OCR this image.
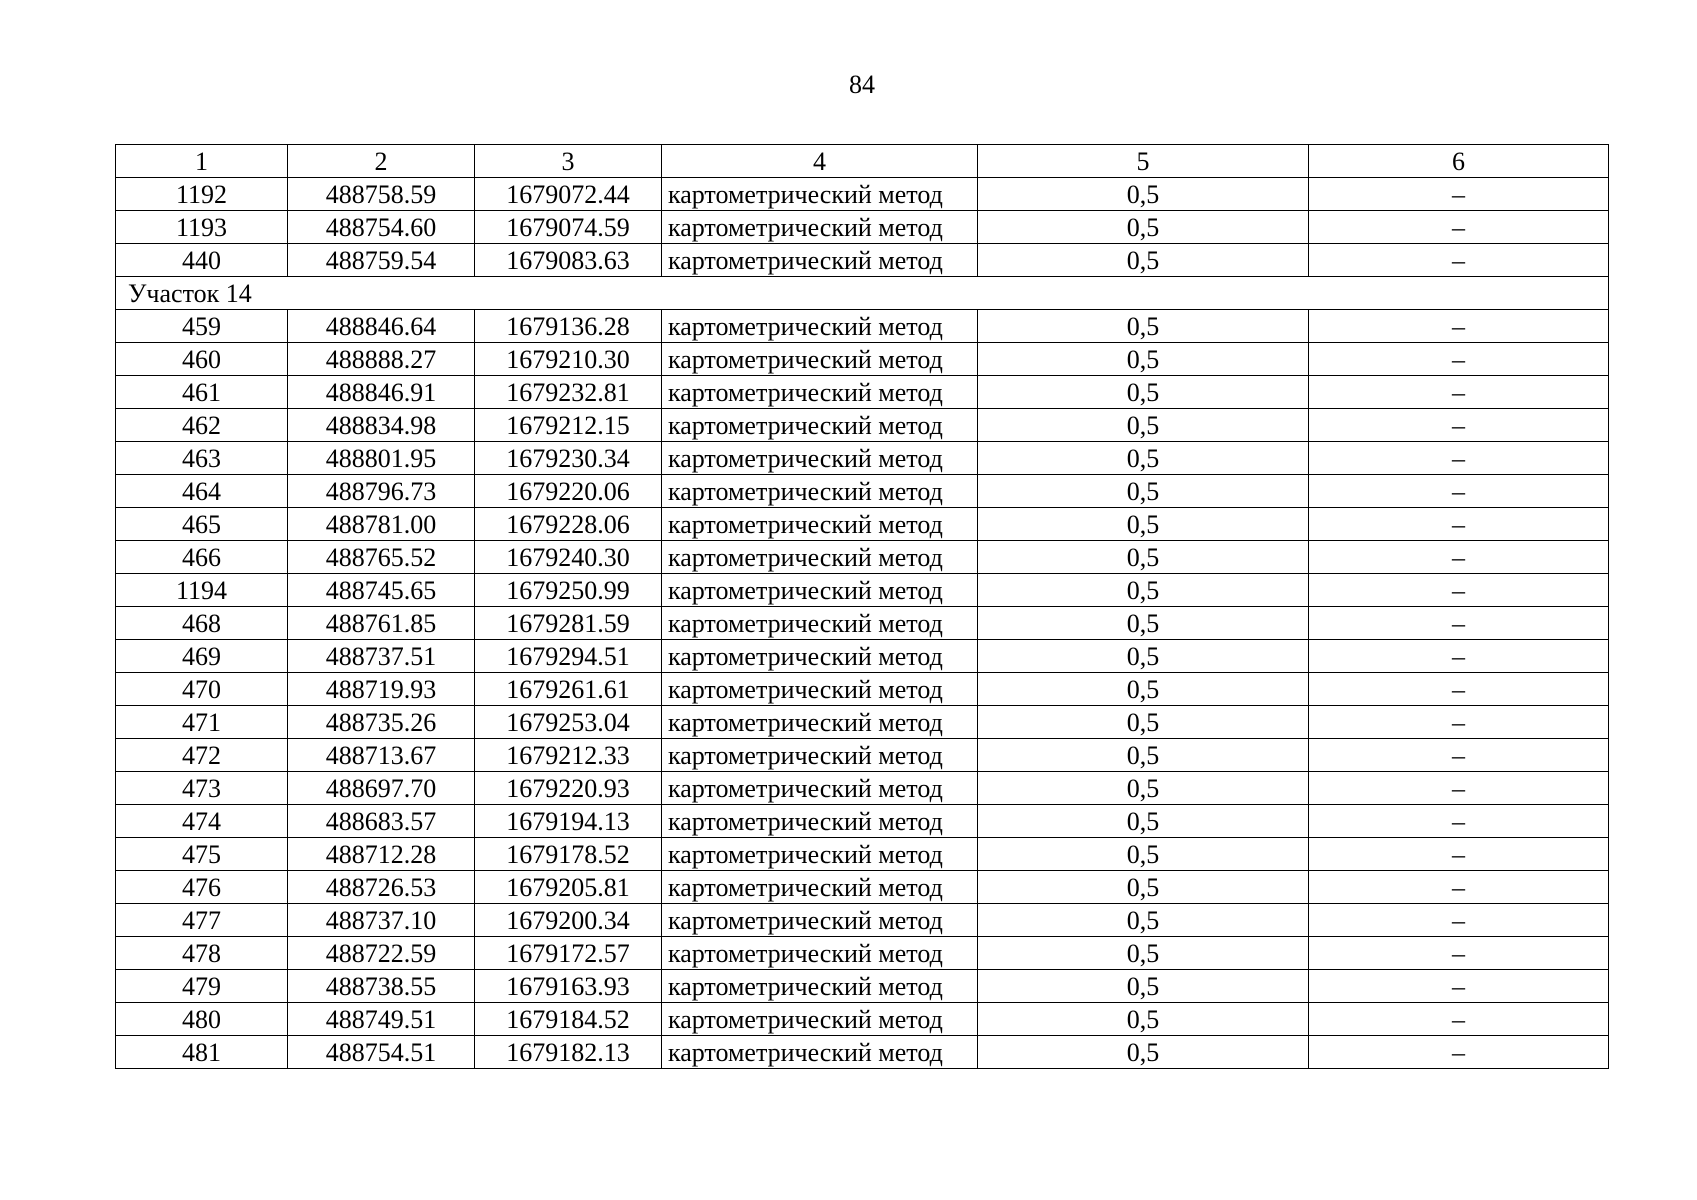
84
1	2	3	4	5	6
1192	488758.59	1679072.44	картометрический метод	0,5	–
1193	488754.60	1679074.59	картометрический метод	0,5	–
440	488759.54	1679083.63	картометрический метод	0,5	–
Участок 14					
459	488846.64	1679136.28	картометрический метод	0,5	–
460	488888.27	1679210.30	картометрический метод	0,5	–
461	488846.91	1679232.81	картометрический метод	0,5	–
462	488834.98	1679212.15	картометрический метод	0,5	–
463	488801.95	1679230.34	картометрический метод	0,5	–
464	488796.73	1679220.06	картометрический метод	0,5	–
465	488781.00	1679228.06	картометрический метод	0,5	–
466	488765.52	1679240.30	картометрический метод	0,5	–
1194	488745.65	1679250.99	картометрический метод	0,5	–
468	488761.85	1679281.59	картометрический метод	0,5	–
469	488737.51	1679294.51	картометрический метод	0,5	–
470	488719.93	1679261.61	картометрический метод	0,5	–
471	488735.26	1679253.04	картометрический метод	0,5	–
472	488713.67	1679212.33	картометрический метод	0,5	–
473	488697.70	1679220.93	картометрический метод	0,5	–
474	488683.57	1679194.13	картометрический метод	0,5	–
475	488712.28	1679178.52	картометрический метод	0,5	–
476	488726.53	1679205.81	картометрический метод	0,5	–
477	488737.10	1679200.34	картометрический метод	0,5	–
478	488722.59	1679172.57	картометрический метод	0,5	–
479	488738.55	1679163.93	картометрический метод	0,5	–
480	488749.51	1679184.52	картометрический метод	0,5	–
481	488754.51	1679182.13	картометрический метод	0,5	–
